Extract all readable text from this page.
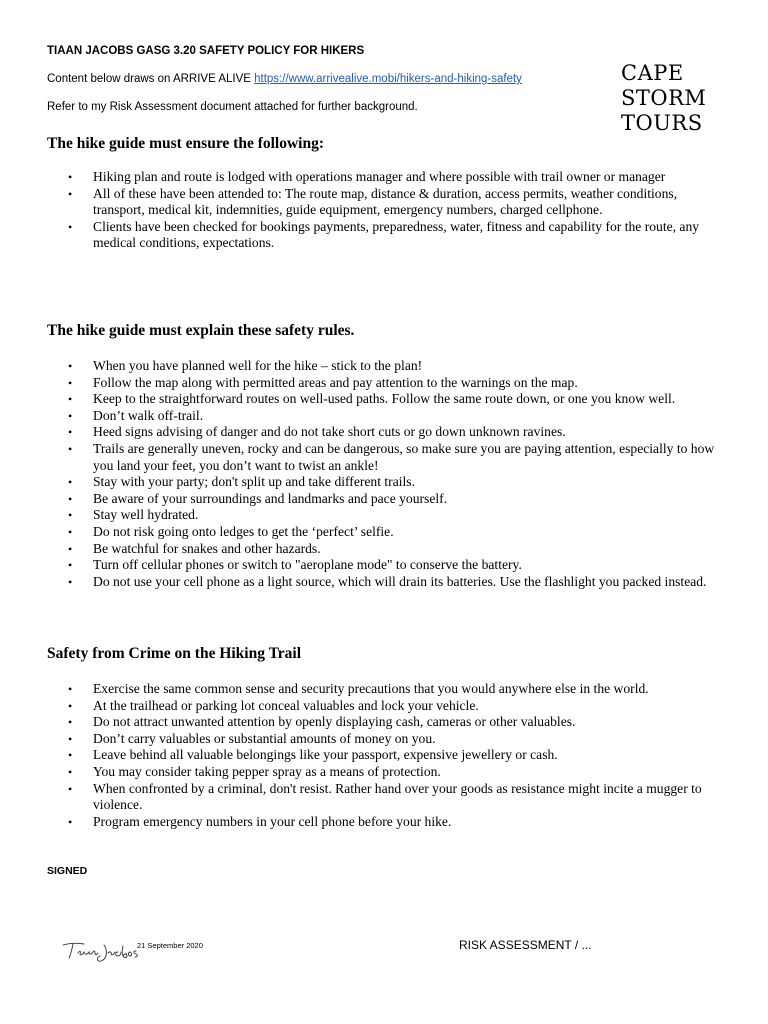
TIAAN JACOBS GASG 3.20 SAFETY POLICY FOR HIKERS
Content below draws on ARRIVE ALIVE https://www.arrivealive.mobi/hikers-and-hiking-safety
Refer to my Risk Assessment document attached for further background.
CAPE
STORM
TOURS
The hike guide must ensure the following:
• Hiking plan and route is lodged with operations manager and where possible with trail owner or manager
• All of these have been attended to: The route map, distance & duration, access permits, weather conditions, transport, medical kit, indemnities, guide equipment, emergency numbers, charged cellphone.
• Clients have been checked for bookings payments, preparedness, water, fitness and capability for the route, any medical conditions, expectations.
The hike guide must explain these safety rules.
• When you have planned well for the hike – stick to the plan!
• Follow the map along with permitted areas and pay attention to the warnings on the map.
• Keep to the straightforward routes on well-used paths. Follow the same route down, or one you know well.
• Don’t walk off-trail.
• Heed signs advising of danger and do not take short cuts or go down unknown ravines.
• Trails are generally uneven, rocky and can be dangerous, so make sure you are paying attention, especially to how you land your feet, you don’t want to twist an ankle!
• Stay with your party; don't split up and take different trails.
• Be aware of your surroundings and landmarks and pace yourself.
• Stay well hydrated.
• Do not risk going onto ledges to get the ‘perfect’ selfie.
• Be watchful for snakes and other hazards.
• Turn off cellular phones or switch to "aeroplane mode" to conserve the battery.
• Do not use your cell phone as a light source, which will drain its batteries. Use the flashlight you packed instead.
Safety from Crime on the Hiking Trail
• Exercise the same common sense and security precautions that you would anywhere else in the world.
• At the trailhead or parking lot conceal valuables and lock your vehicle.
• Do not attract unwanted attention by openly displaying cash, cameras or other valuables.
• Don’t carry valuables or substantial amounts of money on you.
• Leave behind all valuable belongings like your passport, expensive jewellery or cash.
• You may consider taking pepper spray as a means of protection.
• When confronted by a criminal, don't resist. Rather hand over your goods as resistance might incite a mugger to violence.
• Program emergency numbers in your cell phone before your hike.
SIGNED
21 September 2020	RISK ASSESSMENT / ...
